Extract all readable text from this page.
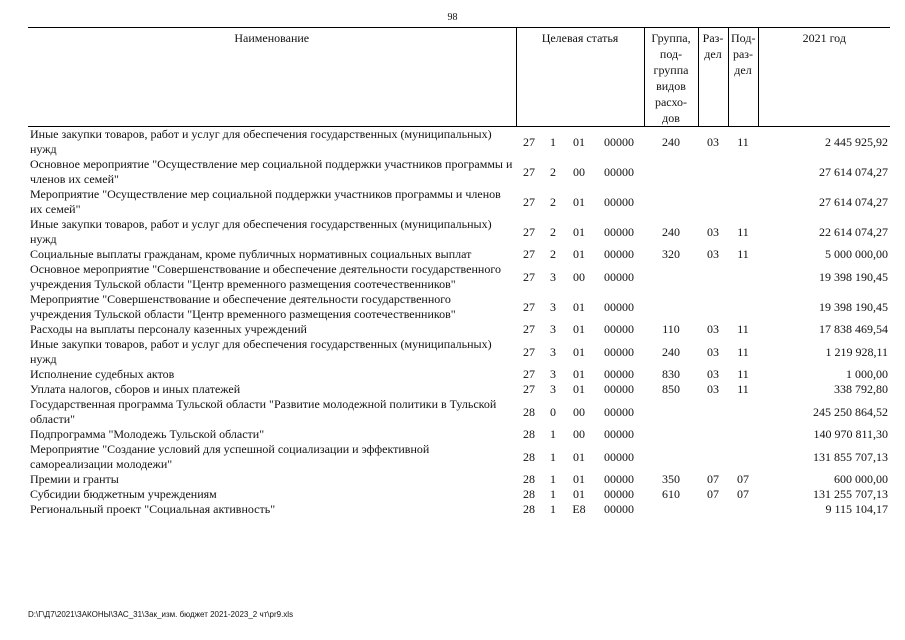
98
Наименование	Целевая статья				Группа, под- группа видов расхо- дов	Раз- дел	Под- раз- дел	2021 год
Иные закупки товаров, работ и услуг для обеспечения государственных (муниципальных) нужд	27	1	01	00000	240	03	11	2 445 925,92
Основное мероприятие "Осуществление мер социальной поддержки участников программы и членов их семей"	27	2	00	00000				27 614 074,27
Мероприятие "Осуществление мер социальной поддержки участников программы и членов их семей"	27	2	01	00000				27 614 074,27
Иные закупки товаров, работ и услуг для обеспечения государственных (муниципальных) нужд	27	2	01	00000	240	03	11	22 614 074,27
Социальные выплаты гражданам, кроме публичных нормативных социальных выплат	27	2	01	00000	320	03	11	5 000 000,00
Основное мероприятие "Совершенствование и обеспечение деятельности государственного учреждения Тульской области "Центр временного размещения соотечественников"	27	3	00	00000				19 398 190,45
Мероприятие "Совершенствование и обеспечение деятельности государственного учреждения Тульской области "Центр временного размещения соотечественников"	27	3	01	00000				19 398 190,45
Расходы на выплаты персоналу казенных учреждений	27	3	01	00000	110	03	11	17 838 469,54
Иные закупки товаров, работ и услуг для обеспечения государственных (муниципальных) нужд	27	3	01	00000	240	03	11	1 219 928,11
Исполнение судебных актов	27	3	01	00000	830	03	11	1 000,00
Уплата налогов, сборов и иных платежей	27	3	01	00000	850	03	11	338 792,80
Государственная программа Тульской области "Развитие молодежной политики в Тульской области"	28	0	00	00000				245 250 864,52
Подпрограмма "Молодежь Тульской области"	28	1	00	00000				140 970 811,30
Мероприятие "Создание условий для успешной социализации и эффективной самореализации молодежи"	28	1	01	00000				131 855 707,13
Премии и гранты	28	1	01	00000	350	07	07	600 000,00
Субсидии бюджетным учреждениям	28	1	01	00000	610	07	07	131 255 707,13
Региональный проект "Социальная активность"	28	1	E8	00000				9 115 104,17
D:\Г\Д7\2021\ЗАКОНЫ\ЗАС_31\Зак_изм. бюджет 2021-2023_2 чт\pr9.xls
